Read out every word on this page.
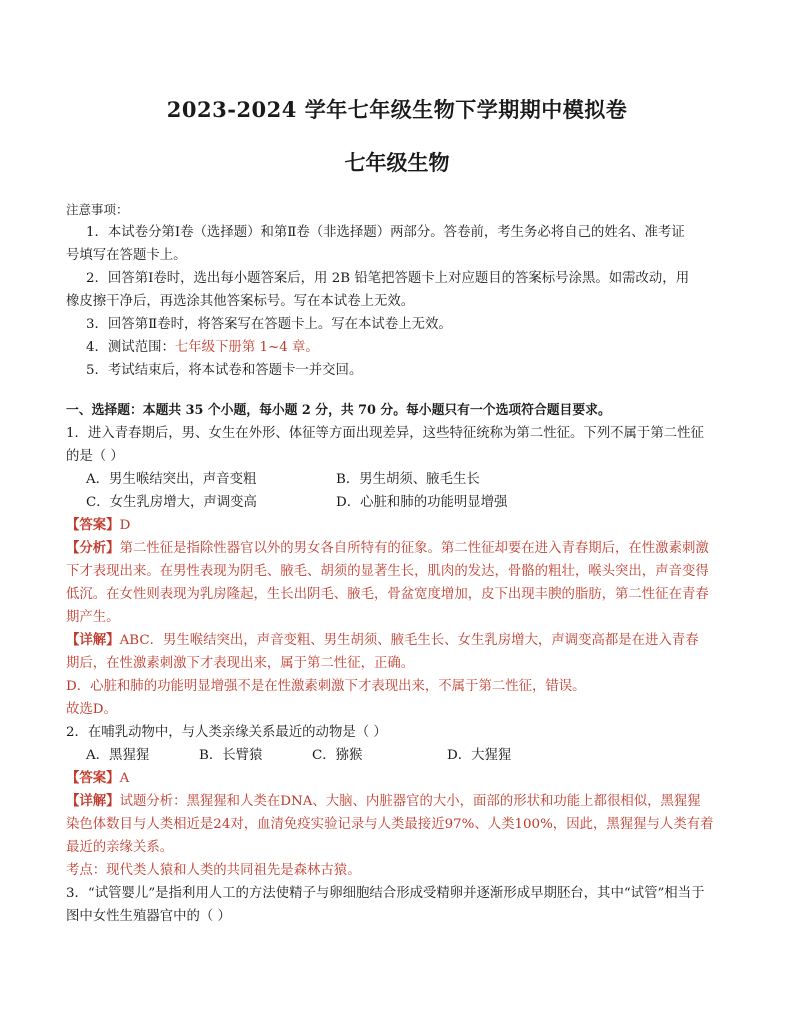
2023-2024 学年七年级生物下学期期中模拟卷
七年级生物
注意事项：
1．本试卷分第Ⅰ卷（选择题）和第Ⅱ卷（非选择题）两部分。答卷前，考生务必将自己的姓名、准考证
号填写在答题卡上。
2．回答第Ⅰ卷时，选出每小题答案后，用 2B 铅笔把答题卡上对应题目的答案标号涂黑。如需改动，用
橡皮擦干净后，再选涂其他答案标号。写在本试卷上无效。
3．回答第Ⅱ卷时，将答案写在答题卡上。写在本试卷上无效。
4．测试范围：七年级下册第 1~4 章。
5．考试结束后，将本试卷和答题卡一并交回。
一、选择题：本题共 35 个小题，每小题 2 分，共 70 分。每小题只有一个选项符合题目要求。
1．进入青春期后，男、女生在外形、体征等方面出现差异，这些特征统称为第二性征。下列不属于第二性征
的是（ ）
A．男生喉结突出，声音变粗	B．男生胡须、腋毛生长
C．女生乳房增大，声调变高	D．心脏和肺的功能明显增强
【答案】D
【分析】第二性征是指除性器官以外的男女各自所特有的征象。第二性征却要在进入青春期后，在性激素刺激
下才表现出来。在男性表现为阴毛、腋毛、胡须的显著生长，肌肉的发达，骨骼的粗壮，喉头突出，声音变得
低沉。在女性则表现为乳房隆起，生长出阴毛、腋毛，骨盆宽度增加，皮下出现丰腴的脂肪，第二性征在青春
期产生。
【详解】ABC．男生喉结突出，声音变粗、男生胡须、腋毛生长、女生乳房增大，声调变高都是在进入青春
期后，在性激素刺激下才表现出来，属于第二性征，正确。
D．心脏和肺的功能明显增强不是在性激素刺激下才表现出来，不属于第二性征，错误。
故选D。
2．在哺乳动物中，与人类亲缘关系最近的动物是（ ）
A．黑猩猩	B．长臂猿	C．猕猴	D．大猩猩
【答案】A
【详解】试题分析：黑猩猩和人类在DNA、大脑、内脏器官的大小，面部的形状和功能上都很相似，黑猩猩
染色体数目与人类相近是24对，血清免疫实验记录与人类最接近97%、人类100%，因此，黑猩猩与人类有着
最近的亲缘关系。
考点：现代类人猿和人类的共同祖先是森林古猿。
3．“试管婴儿”是指利用人工的方法使精子与卵细胞结合形成受精卵并逐渐形成早期胚台，其中“试管”相当于
图中女性生殖器官中的（ ）
